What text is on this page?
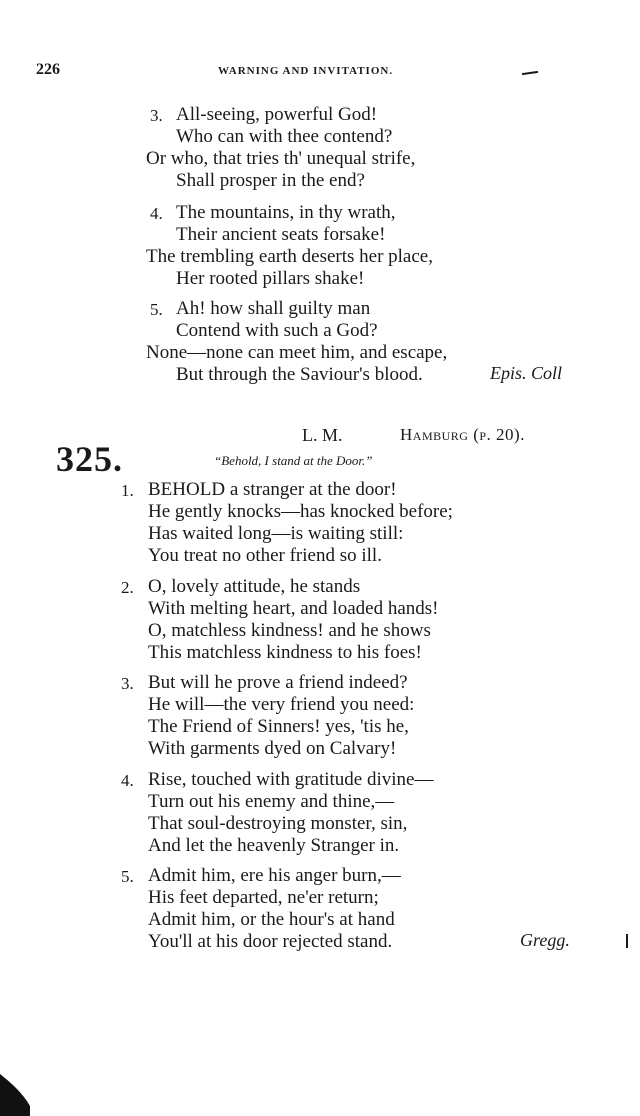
226	WARNING AND INVITATION.
3. All-seeing, powerful God!
Who can with thee contend?
Or who, that tries th' unequal strife,
Shall prosper in the end?
4. The mountains, in thy wrath,
Their ancient seats forsake!
The trembling earth deserts her place,
Her rooted pillars shake!
5. Ah! how shall guilty man
Contend with such a God?
None—none can meet him, and escape,
But through the Saviour's blood.	Epis. Coll
325.
L. M.	Hamburg (p. 20).
“Behold, I stand at the Door.”
1. BEHOLD a stranger at the door!
He gently knocks—has knocked before;
Has waited long—is waiting still:
You treat no other friend so ill.
2. O, lovely attitude, he stands
With melting heart, and loaded hands!
O, matchless kindness! and he shows
This matchless kindness to his foes!
3. But will he prove a friend indeed?
He will—the very friend you need:
The Friend of Sinners! yes, 'tis he,
With garments dyed on Calvary!
4. Rise, touched with gratitude divine—
Turn out his enemy and thine,—
That soul-destroying monster, sin,
And let the heavenly Stranger in.
5. Admit him, ere his anger burn,—
His feet departed, ne'er return;
Admit him, or the hour's at hand
You'll at his door rejected stand.	Gregg.
